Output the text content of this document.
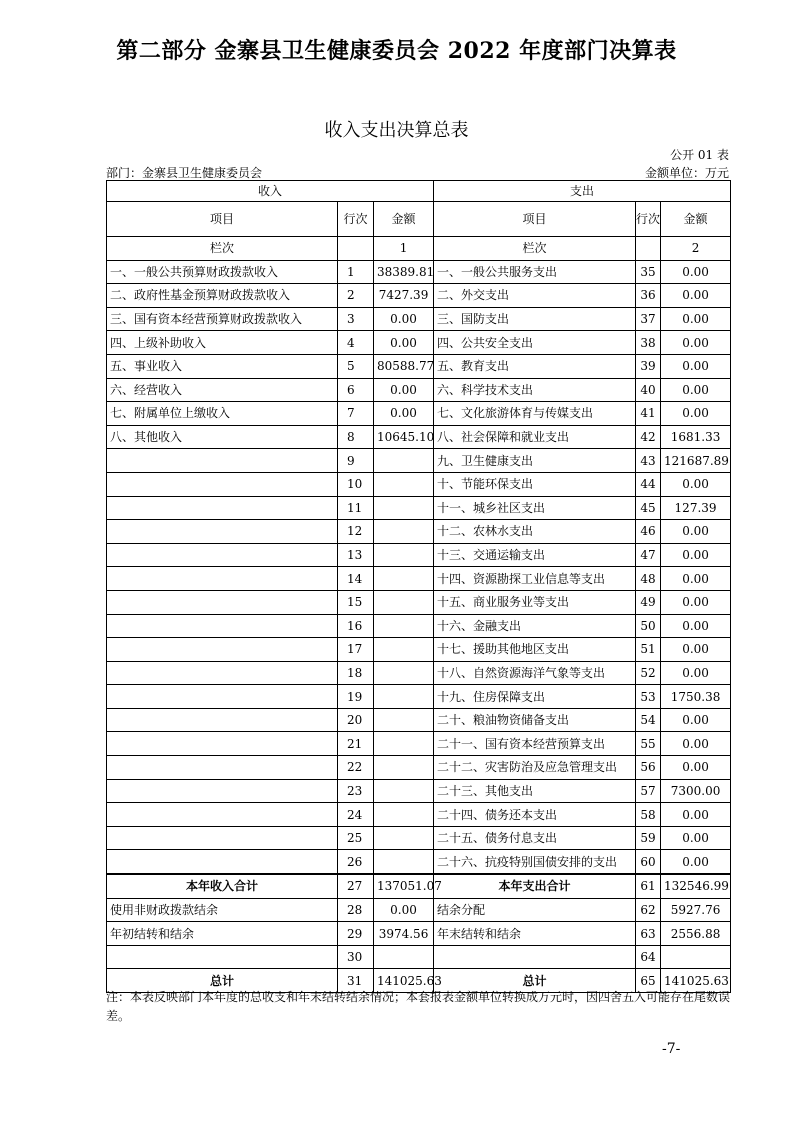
第二部分 金寨县卫生健康委员会 2022 年度部门决算表
收入支出决算总表
公开 01 表
部门：金寨县卫生健康委员会	金额单位：万元
收入			支出		
项目	行次	金额	项目	行次	金额
栏次		1	栏次		2
一、一般公共预算财政拨款收入	1	38389.81	一、一般公共服务支出	35	0.00
二、政府性基金预算财政拨款收入	2	7427.39	二、外交支出	36	0.00
三、国有资本经营预算财政拨款收入	3	0.00	三、国防支出	37	0.00
四、上级补助收入	4	0.00	四、公共安全支出	38	0.00
五、事业收入	5	80588.77	五、教育支出	39	0.00
六、经营收入	6	0.00	六、科学技术支出	40	0.00
七、附属单位上缴收入	7	0.00	七、文化旅游体育与传媒支出	41	0.00
八、其他收入	8	10645.10	八、社会保障和就业支出	42	1681.33
	9		九、卫生健康支出	43	121687.89
	10		十、节能环保支出	44	0.00
	11		十一、城乡社区支出	45	127.39
	12		十二、农林水支出	46	0.00
	13		十三、交通运输支出	47	0.00
	14		十四、资源勘探工业信息等支出	48	0.00
	15		十五、商业服务业等支出	49	0.00
	16		十六、金融支出	50	0.00
	17		十七、援助其他地区支出	51	0.00
	18		十八、自然资源海洋气象等支出	52	0.00
	19		十九、住房保障支出	53	1750.38
	20		二十、粮油物资储备支出	54	0.00
	21		二十一、国有资本经营预算支出	55	0.00
	22		二十二、灾害防治及应急管理支出	56	0.00
	23		二十三、其他支出	57	7300.00
	24		二十四、债务还本支出	58	0.00
	25		二十五、债务付息支出	59	0.00
	26		二十六、抗疫特别国债安排的支出	60	0.00
本年收入合计	27	137051.07	本年支出合计	61	132546.99
使用非财政拨款结余	28	0.00	结余分配	62	5927.76
年初结转和结余	29	3974.56	年末结转和结余	63	2556.88
	30			64	
总计	31	141025.63	总计	65	141025.63
注：本表反映部门本年度的总收支和年末结转结余情况；本套报表金额单位转换成万元时，因四舍五入可能存在尾数误差。
-7-
